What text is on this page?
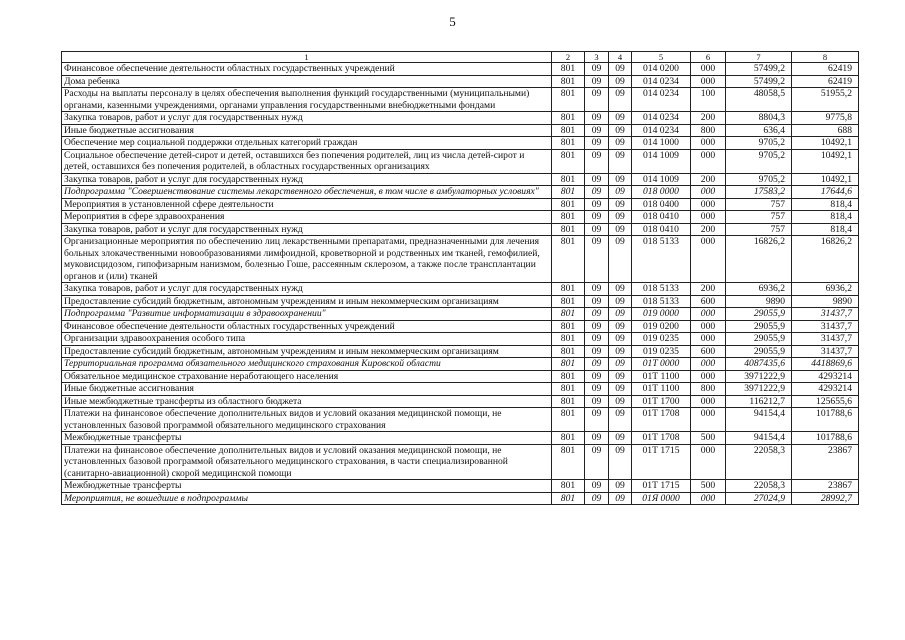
5
1	2	3	4	5	6	7	8
Финансовое обеспечение деятельности областных государственных учреждений	801	09	09	014 0200	000	57499,2	62419
Дома ребенка	801	09	09	014 0234	000	57499,2	62419
Расходы на выплаты персоналу в целях обеспечения выполнения функций государственными (муниципальными) органами, казенными учреждениями, органами управления государственными внебюджетными фондами	801	09	09	014 0234	100	48058,5	51955,2
Закупка товаров, работ и услуг для государственных нужд	801	09	09	014 0234	200	8804,3	9775,8
Иные бюджетные ассигнования	801	09	09	014 0234	800	636,4	688
Обеспечение мер социальной поддержки отдельных категорий граждан	801	09	09	014 1000	000	9705,2	10492,1
Социальное обеспечение детей-сирот и детей, оставшихся без попечения родителей, лиц из числа детей-сирот и детей, оставшихся без попечения родителей, в областных государственных организациях	801	09	09	014 1009	000	9705,2	10492,1
Закупка товаров, работ и услуг для государственных нужд	801	09	09	014 1009	200	9705,2	10492,1
Подпрограмма "Совершенствование системы лекарственного обеспечения, в том числе в амбулаторных условиях"	801	09	09	018 0000	000	17583,2	17644,6
Мероприятия в установленной сфере деятельности	801	09	09	018 0400	000	757	818,4
Мероприятия в сфере здравоохранения	801	09	09	018 0410	000	757	818,4
Закупка товаров, работ и услуг для государственных нужд	801	09	09	018 0410	200	757	818,4
Организационные мероприятия по обеспечению лиц лекарственными препаратами, предназначенными для лечения больных злокачественными новообразованиями лимфоидной, кроветворной и родственных им тканей, гемофилией, муковисцидозом, гипофизарным нанизмом, болезнью Гоше, рассеянным склерозом, а также после трансплантации органов и (или) тканей	801	09	09	018 5133	000	16826,2	16826,2
Закупка товаров, работ и услуг для государственных нужд	801	09	09	018 5133	200	6936,2	6936,2
Предоставление субсидий бюджетным, автономным учреждениям и иным некоммерческим организациям	801	09	09	018 5133	600	9890	9890
Подпрограмма "Развитие информатизации в здравоохранении"	801	09	09	019 0000	000	29055,9	31437,7
Финансовое обеспечение деятельности областных государственных учреждений	801	09	09	019 0200	000	29055,9	31437,7
Организации здравоохранения особого типа	801	09	09	019 0235	000	29055,9	31437,7
Предоставление субсидий бюджетным, автономным учреждениям и иным некоммерческим организациям	801	09	09	019 0235	600	29055,9	31437,7
Территориальная программа обязательного медицинского страхования Кировской области	801	09	09	01Т 0000	000	4087435,6	4418869,6
Обязательное медицинское страхование неработающего населения	801	09	09	01Т 1100	000	3971222,9	4293214
Иные бюджетные ассигнования	801	09	09	01Т 1100	800	3971222,9	4293214
Иные межбюджетные трансферты из областного бюджета	801	09	09	01Т 1700	000	116212,7	125655,6
Платежи на финансовое обеспечение дополнительных видов и условий оказания медицинской помощи, не установленных базовой программой обязательного медицинского страхования	801	09	09	01Т 1708	000	94154,4	101788,6
Межбюджетные трансферты	801	09	09	01Т 1708	500	94154,4	101788,6
Платежи на финансовое обеспечение дополнительных видов и условий оказания медицинской помощи, не установленных базовой программой обязательного медицинского страхования, в части специализированной (санитарно-авиационной) скорой медицинской помощи	801	09	09	01Т 1715	000	22058,3	23867
Межбюджетные трансферты	801	09	09	01Т 1715	500	22058,3	23867
Мероприятия, не вошедшие в подпрограммы	801	09	09	01Я 0000	000	27024,9	28992,7
